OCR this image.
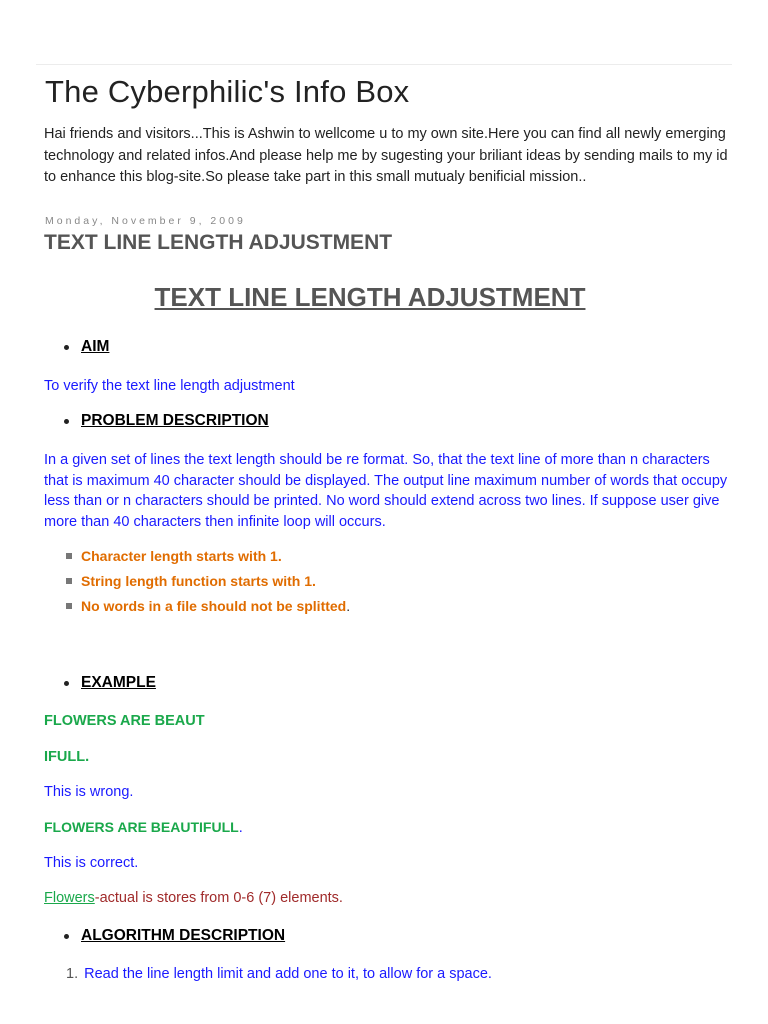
The Cyberphilic's Info Box

Hai friends and visitors...This is Ashwin to wellcome u to my own site.Here you can find all newly emerging technology and related infos.And please help me by sugesting your briliant ideas by sending mails to my id to enhance this blog-site.So please take part in this small mutualy benificial mission..

Monday, November 9, 2009
TEXT LINE LENGTH ADJUSTMENT
TEXT LINE LENGTH ADJUSTMENT
AIM
To verify the text line length adjustment
PROBLEM DESCRIPTION
In a given set of lines the text length should be re format. So, that the text line of more than n characters that is maximum 40 character should be displayed. The output line maximum number of words that occupy less than or n characters should be printed. No word should extend across two lines. If suppose user give more than 40 characters then infinite loop will occurs.
Character length starts with 1.
String length function starts with 1.
No words in a file should not be splitted .
EXAMPLE
FLOWERS ARE BEAUT
IFULL.
This is wrong.
FLOWERS ARE BEAUTIFULL.
This is correct.
Flowers-actual is stores from 0-6 (7) elements.
ALGORITHM DESCRIPTION
1. Read the line length limit and add one to it, to allow for a space.
